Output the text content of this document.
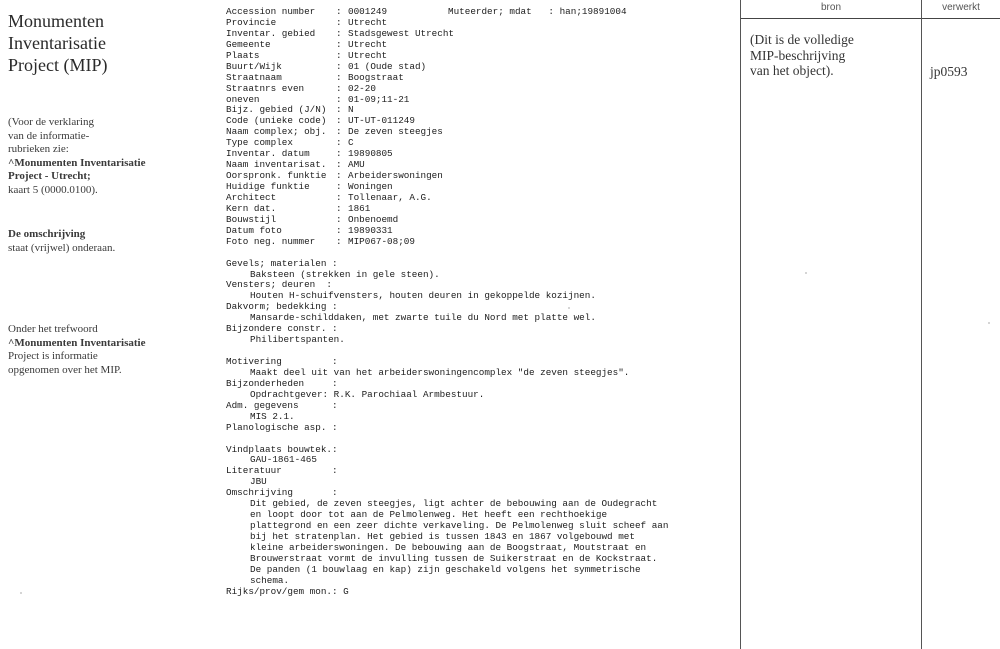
Monumenten
Inventarisatie
Project (MIP)
(Voor de verklaring
van de informatie-
rubrieken zie:
^Monumenten Inventarisatie
Project - Utrecht;
kaart 5 (0000.0100).
De omschrijving
staat (vrijwel) onderaan.
Onder het trefwoord
^Monumenten Inventarisatie
Project is informatie
opgenomen over het MIP.
Muteerder; mdat   : han;19891004
Accession number : 0001249
Provincie	: Utrecht
Inventar. gebied : Stadsgewest Utrecht
Gemeente	: Utrecht
Plaats	: Utrecht
Buurt/Wijk	: 01 (Oude stad)
Straatnaam	: Boogstraat
Straatnrs even	: 02-20
oneven	: 01-09;11-21
Bijz. gebied (J/N) : N
Code (unieke code) : UT-UT-011249
Naam complex; obj. : De zeven steegjes
Type complex	: C
Inventar. datum	: 19890805
Naam inventarisat. : AMU
Oorspronk. funktie : Arbeiderswoningen
Huidige funktie	: Woningen
Architect	: Tollenaar, A.G.
Kern dat.	: 1861
Bouwstijl	: Onbenoemd
Datum foto	: 19890331
Foto neg. nummer : MIP067-08;09
Gevels; materialen :
Baksteen (strekken in gele steen).
Vensters; deuren  :
Houten H-schuifvensters, houten deuren in gekoppelde kozijnen.
Dakvorm; bedekking :
Mansarde-schilddaken, met zwarte tuile du Nord met platte wel.
Bijzondere constr. :
Philibertspanten.
Motivering         :
Maakt deel uit van het arbeiderswoningencomplex "de zeven steegjes".
Bijzonderheden     :
Opdrachtgever: R.K. Parochiaal Armbestuur.
Adm. gegevens      :
MIS 2.1.
Planologische asp. :
Vindplaats bouwtek.:
GAU-1861-465
Literatuur         :
JBU
Omschrijving       :
Dit gebied, de zeven steegjes, ligt achter de bebouwing aan de Oudegracht
en loopt door tot aan de Pelmolenweg. Het heeft een rechthoekige
plattegrond en een zeer dichte verkaveling. De Pelmolenweg sluit scheef aan
bij het stratenplan. Het gebied is tussen 1843 en 1867 volgebouwd met
kleine arbeiderswoningen. De bebouwing aan de Boogstraat, Moutstraat en
Brouwerstraat vormt de invulling tussen de Suikerstraat en de Kockstraat.
De panden (1 bouwlaag en kap) zijn geschakeld volgens het symmetrische
schema.
Rijks/prov/gem mon.: G
bron	verwerkt
(Dit is de volledige
MIP-beschrijving
van het object).	jp0593
